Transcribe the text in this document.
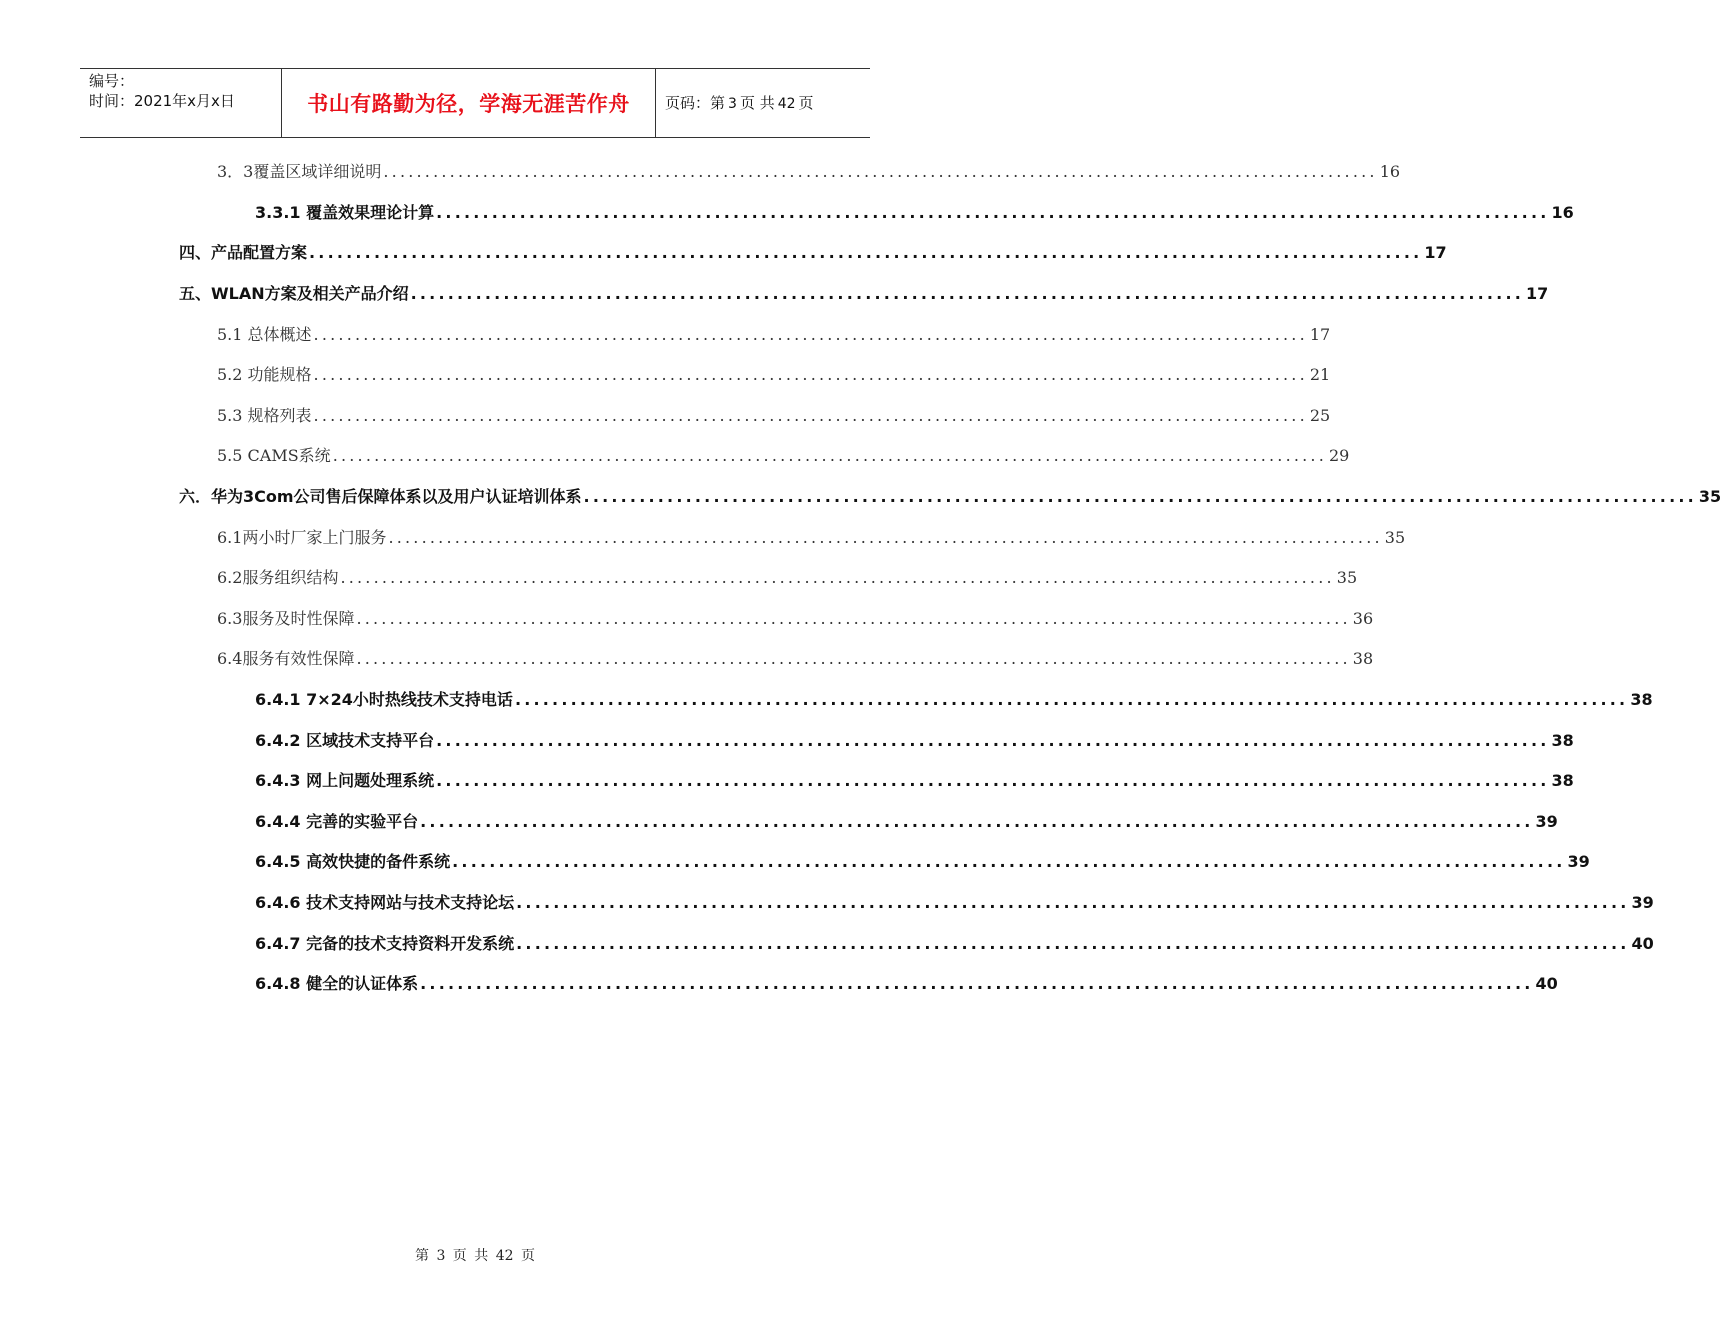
编号：
时间：2021年x月x日	书山有路勤为径，学海无涯苦作舟	页码：第 3 页 共 42 页
3．3覆盖区域详细说明 ........................................................................................................................ 16
3.3.1 覆盖效果理论计算 ........................................................................................................................ 16
四、产品配置方案 ........................................................................................................................ 17
五、WLAN方案及相关产品介绍 ........................................................................................................................ 17
5.1 总体概述 ........................................................................................................................ 17
5.2 功能规格 ........................................................................................................................ 21
5.3 规格列表 ........................................................................................................................ 25
5.5 CAMS系统 ........................................................................................................................ 29
六．华为3Com公司售后保障体系以及用户认证培训体系 ........................................................................................................................ 35
6.1两小时厂家上门服务 ........................................................................................................................ 35
6.2服务组织结构 ........................................................................................................................ 35
6.3服务及时性保障 ........................................................................................................................ 36
6.4服务有效性保障 ........................................................................................................................ 38
6.4.1 7×24小时热线技术支持电话 ........................................................................................................................ 38
6.4.2 区域技术支持平台 ........................................................................................................................ 38
6.4.3 网上问题处理系统 ........................................................................................................................ 38
6.4.4 完善的实验平台 ........................................................................................................................ 39
6.4.5 高效快捷的备件系统 ........................................................................................................................ 39
6.4.6 技术支持网站与技术支持论坛 ........................................................................................................................ 39
6.4.7 完备的技术支持资料开发系统 ........................................................................................................................ 40
6.4.8 健全的认证体系 ........................................................................................................................ 40
第 3 页 共 42 页
